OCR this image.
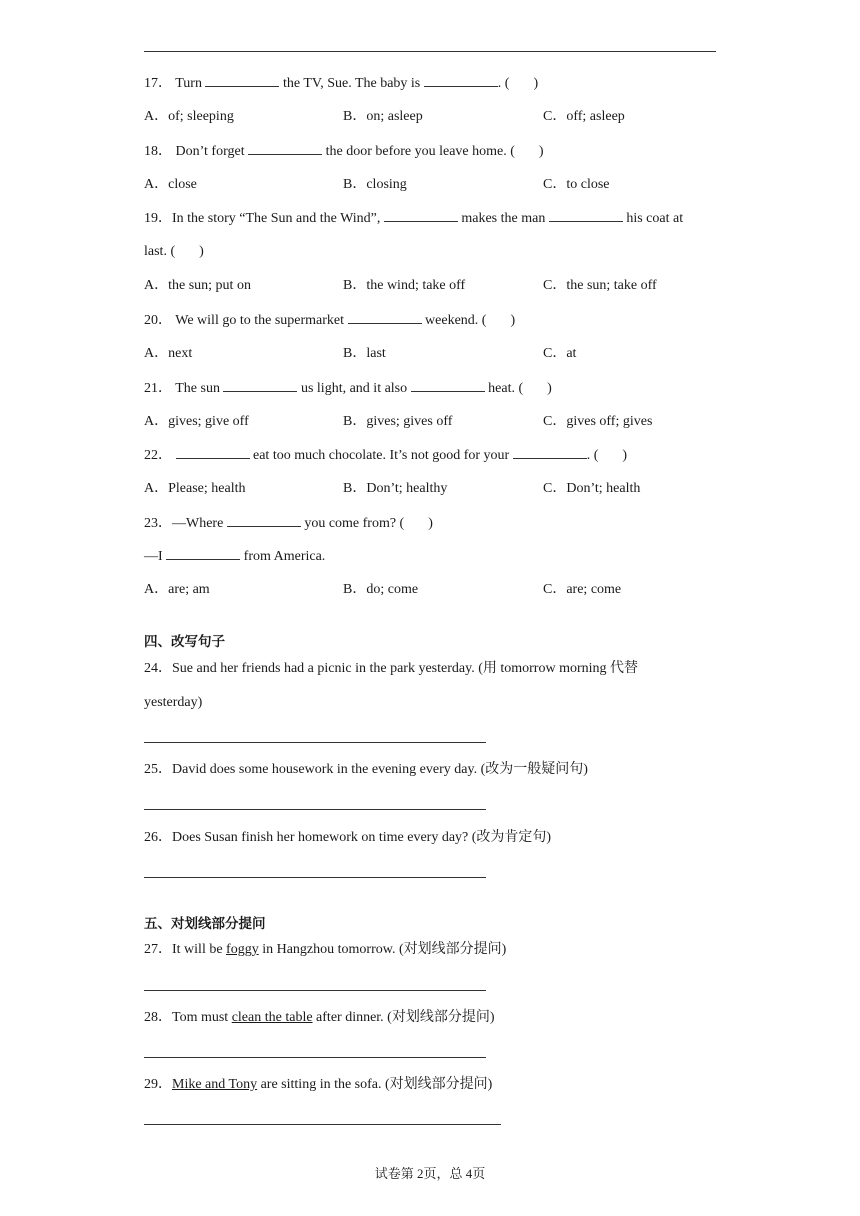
17． Turn	the TV, Sue. The baby is	. ( )
A．of; sleeping	B．on; asleep	C．off; asleep
18． Don’t forget	the door before you leave home. ( )
A．close	B．closing	C．to close
19．In the story “The Sun and the Wind”,	makes the man	his coat at
last. ( )
A．the sun; put on	B．the wind; take off	C．the sun; take off
20． We will go to the supermarket	weekend. ( )
A．next	B．last	C．at
21． The sun	us light, and it also	heat. ( )
A．gives; give off	B．gives; gives off	C．gives off; gives
22．	eat too much chocolate. It’s not good for your	. ( )
A．Please; health	B．Don’t; healthy	C．Don’t; health
23．—Where	you come from? ( )
—I	from America.
A．are; am	B．do; come	C．are; come
四、改写句子
24．Sue and her friends had a picnic in the park yesterday. (用 tomorrow morning 代替
yesterday)
25．David does some housework in the evening every day. (改为一般疑问句)
26．Does Susan finish her homework on time every day? (改为肯定句)
五、对划线部分提问
27．It will be foggy in Hangzhou tomorrow. (对划线部分提问)
28．Tom must clean the table after dinner. (对划线部分提问)
29．Mike and Tony are sitting in the sofa. (对划线部分提问)
试卷第 2页，总 4页
